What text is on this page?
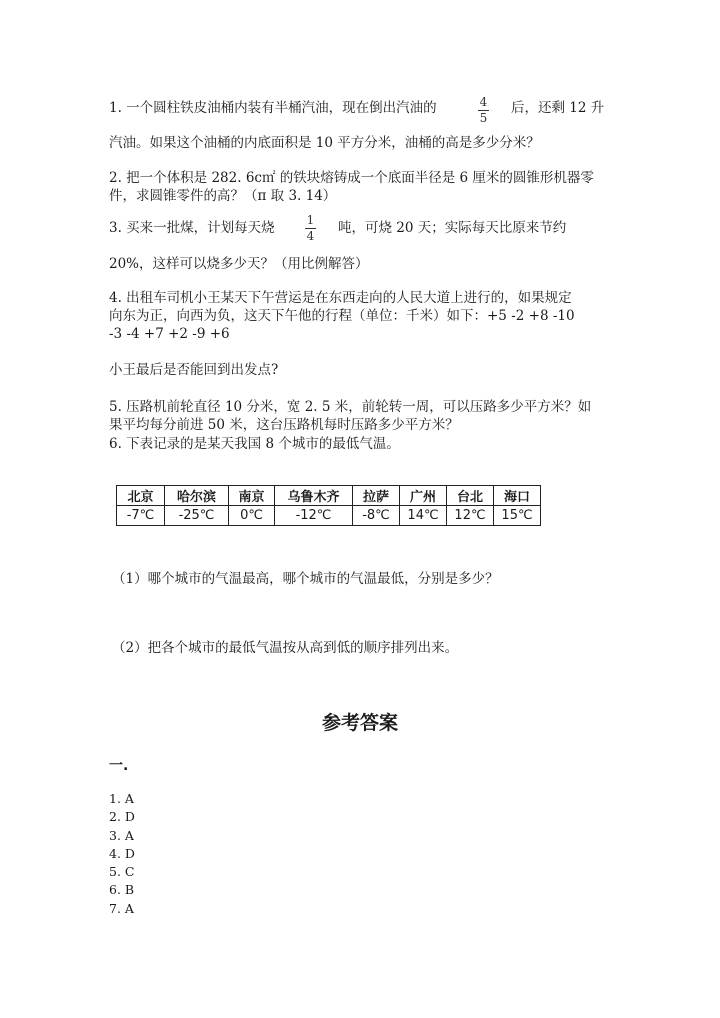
1. 一个圆柱铁皮油桶内装有半桶汽油，现在倒出汽油的	4
5
后，还剩 12 升
汽油。如果这个油桶的内底面积是 10 平方分米，油桶的高是多少分米？
2. 把一个体积是 282. 6c㎡ 的铁块熔铸成一个底面半径是 6 厘米的圆锥形机器零
件，求圆锥零件的高？（π 取 3. 14）
3. 买来一批煤，计划每天烧	1
4 吨，可烧 20 天；实际每天比原来节约
20%，这样可以烧多少天？（用比例解答）
4. 出租车司机小王某天下午营运是在东西走向的人民大道上进行的，如果规定
向东为正，向西为负，这天下午他的行程（单位：千米）如下：+5 -2 +8 -10
-3 -4 +7 +2 -9 +6
小王最后是否能回到出发点?
5. 压路机前轮直径 10 分米，宽 2. 5 米，前轮转一周，可以压路多少平方米？如
果平均每分前进 50 米，这台压路机每时压路多少平方米？
6. 下表记录的是某天我国 8 个城市的最低气温。
北京	哈尔滨	南京	乌鲁木齐	拉萨	广州	台北	海口
-7℃	-25℃	0℃	-12℃	-8℃	14℃	12℃	15℃
（1）哪个城市的气温最高，哪个城市的气温最低，分别是多少？
（2）把各个城市的最低气温按从高到低的顺序排列出来。
参考答案
一.
1. A
2. D
3. A
4. D
5. C
6. B
7. A
